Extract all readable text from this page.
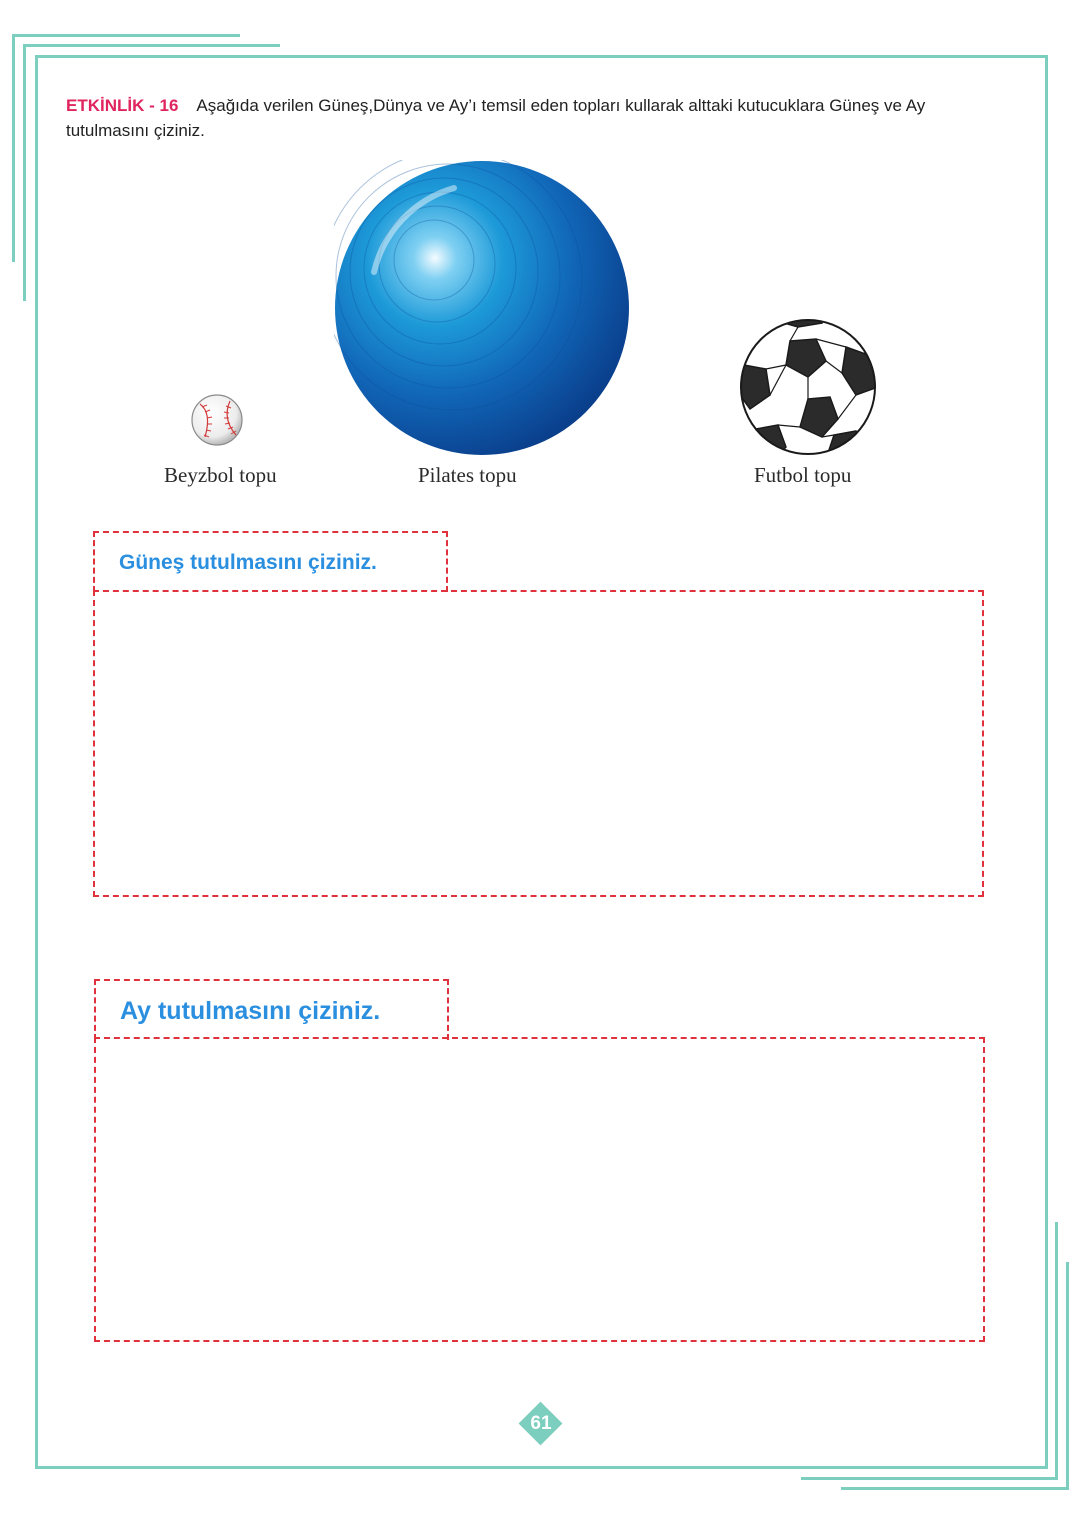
ETKİNLİK - 16 Aşağıda verilen Güneş,Dünya ve Ay’ı temsil eden topları kullarak alttaki kutucuklara Güneş ve Ay tutulmasını çiziniz.
Beyzbol topu	Pilates topu	Futbol topu
Güneş tutulmasını çiziniz.
Ay tutulmasını çiziniz.
61
